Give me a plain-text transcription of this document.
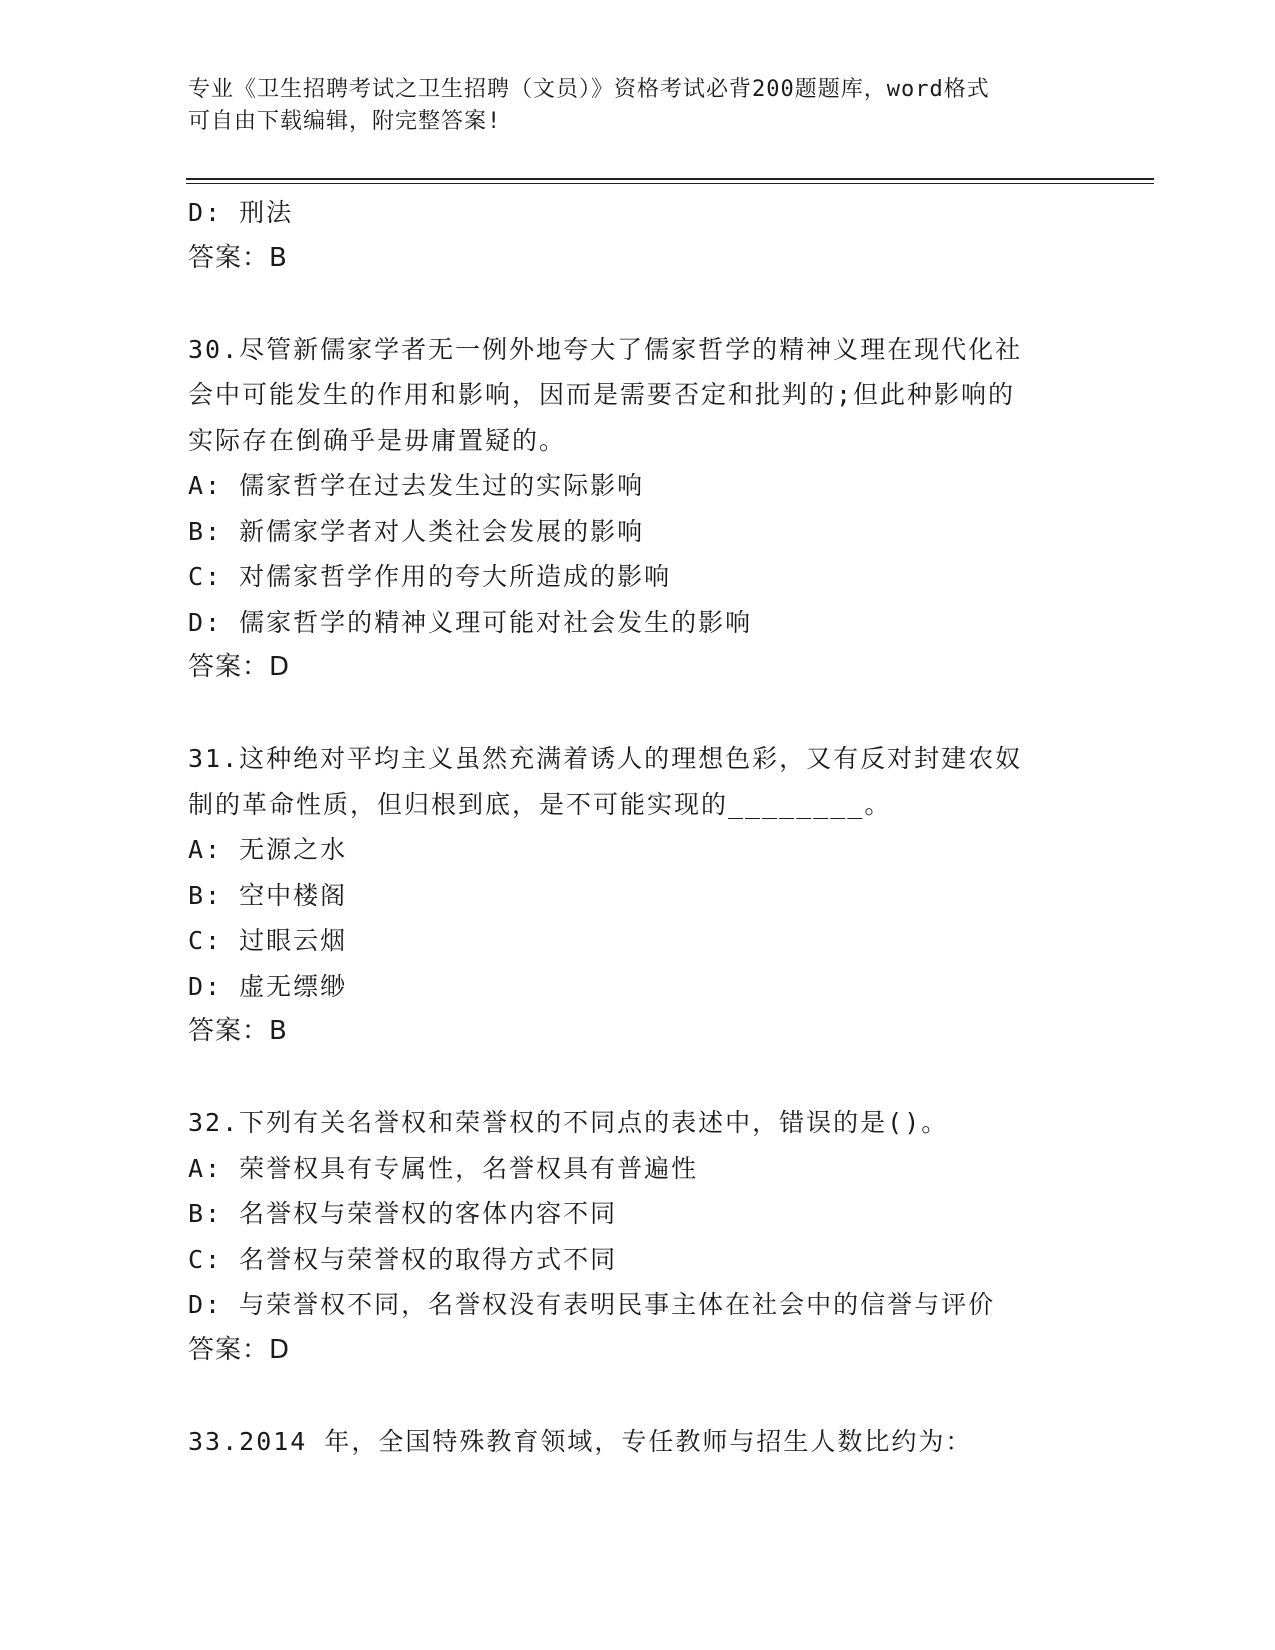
专业《卫生招聘考试之卫生招聘（文员）》资格考试必背200题题库，word格式
可自由下载编辑，附完整答案!
D: 刑法
答案：B
30.尽管新儒家学者无一例外地夸大了儒家哲学的精神义理在现代化社
会中可能发生的作用和影响，因而是需要否定和批判的;但此种影响的
实际存在倒确乎是毋庸置疑的。
A: 儒家哲学在过去发生过的实际影响
B: 新儒家学者对人类社会发展的影响
C: 对儒家哲学作用的夸大所造成的影响
D: 儒家哲学的精神义理可能对社会发生的影响
答案：D
31.这种绝对平均主义虽然充满着诱人的理想色彩，又有反对封建农奴
制的革命性质，但归根到底，是不可能实现的________。
A: 无源之水
B: 空中楼阁
C: 过眼云烟
D: 虚无缥缈
答案：B
32.下列有关名誉权和荣誉权的不同点的表述中，错误的是()。
A: 荣誉权具有专属性，名誉权具有普遍性
B: 名誉权与荣誉权的客体内容不同
C: 名誉权与荣誉权的取得方式不同
D: 与荣誉权不同，名誉权没有表明民事主体在社会中的信誉与评价
答案：D
33.2014 年，全国特殊教育领域，专任教师与招生人数比约为：
